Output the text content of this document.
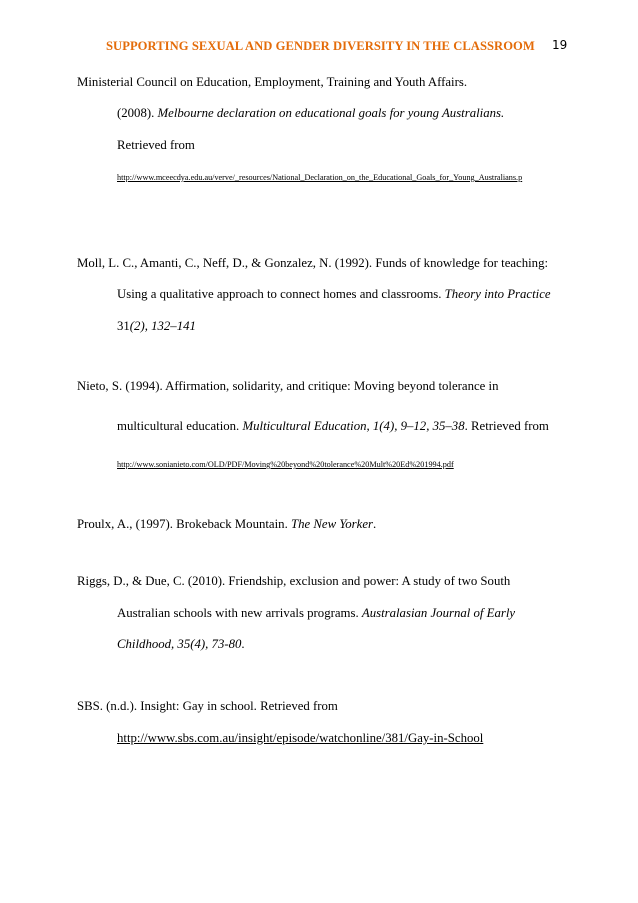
SUPPORTING SEXUAL AND GENDER DIVERSITY IN THE CLASSROOM 19
Ministerial Council on Education, Employment, Training and Youth Affairs.
(2008). Melbourne declaration on educational goals for young Australians.
Retrieved from
http://www.mceecdya.edu.au/verve/_resources/National_Declaration_on_the_Educational_Goals_for_Young_Australians.p
Moll, L. C., Amanti, C., Neff, D., & Gonzalez, N. (1992). Funds of knowledge for teaching:
Using a qualitative approach to connect homes and classrooms. Theory into Practice
31(2), 132–141
Nieto, S. (1994). Affirmation, solidarity, and critique: Moving beyond tolerance in
multicultural education. Multicultural Education, 1(4), 9–12, 35–38. Retrieved from
http://www.sonianieto.com/OLD/PDF/Moving%20beyond%20tolerance%20Mult%20Ed%201994.pdf
Proulx, A., (1997). Brokeback Mountain. The New Yorker.
Riggs, D., & Due, C. (2010). Friendship, exclusion and power: A study of two South
Australian schools with new arrivals programs. Australasian Journal of Early
Childhood, 35(4), 73-80.
SBS. (n.d.). Insight: Gay in school. Retrieved from
http://www.sbs.com.au/insight/episode/watchonline/381/Gay-in-School
